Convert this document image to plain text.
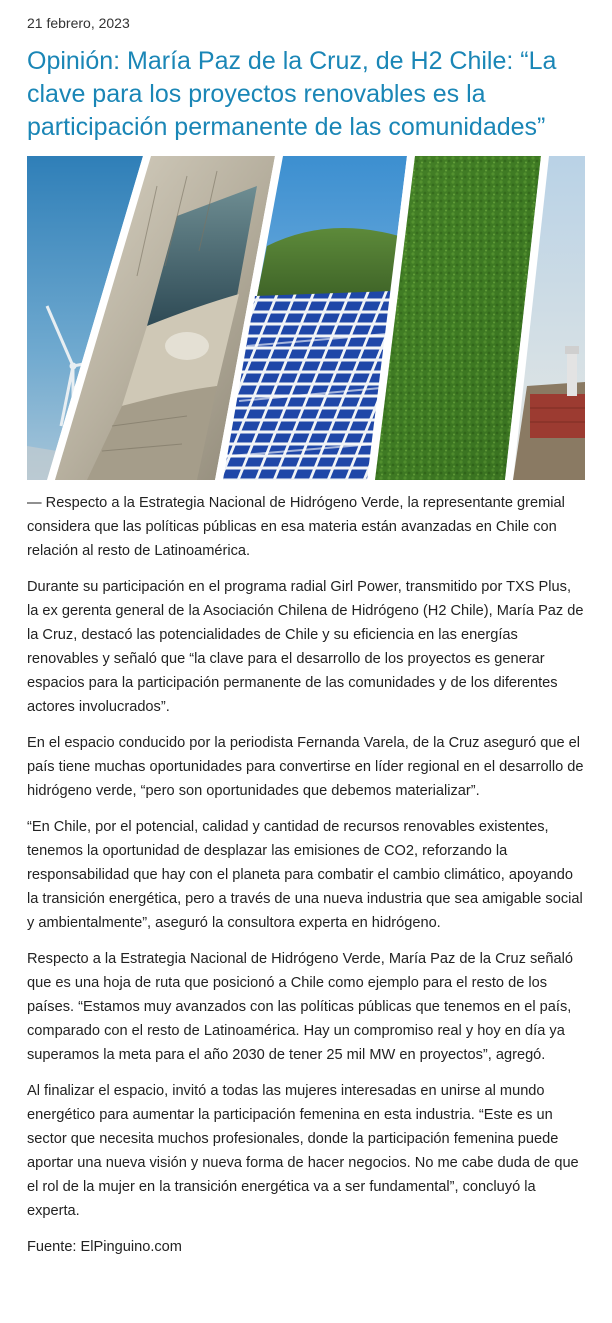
21 febrero, 2023
Opinión: María Paz de la Cruz, de H2 Chile: “La clave para los proyectos renovables es la participación permanente de las comunidades”

— Respecto a la Estrategia Nacional de Hidrógeno Verde, la representante gremial considera que las políticas públicas en esa materia están avanzadas en Chile con relación al resto de Latinoamérica.

Durante su participación en el programa radial Girl Power, transmitido por TXS Plus, la ex gerenta general de la Asociación Chilena de Hidrógeno (H2 Chile), María Paz de la Cruz, destacó las potencialidades de Chile y su eficiencia en las energías renovables y señaló que “la clave para el desarrollo de los proyectos es generar espacios para la participación permanente de las comunidades y de los diferentes actores involucrados”.

En el espacio conducido por la periodista Fernanda Varela, de la Cruz aseguró que el país tiene muchas oportunidades para convertirse en líder regional en el desarrollo de hidrógeno verde, “pero son oportunidades que debemos materializar”.

“En Chile, por el potencial, calidad y cantidad de recursos renovables existentes, tenemos la oportunidad de desplazar las emisiones de CO2, reforzando la responsabilidad que hay con el planeta para combatir el cambio climático, apoyando la transición energética, pero a través de una nueva industria que sea amigable social y ambientalmente”, aseguró la consultora experta en hidrógeno.

Respecto a la Estrategia Nacional de Hidrógeno Verde, María Paz de la Cruz señaló que es una hoja de ruta que posicionó a Chile como ejemplo para el resto de los países. “Estamos muy avanzados con las políticas públicas que tenemos en el país, comparado con el resto de Latinoamérica. Hay un compromiso real y hoy en día ya superamos la meta para el año 2030 de tener 25 mil MW en proyectos”, agregó.

Al finalizar el espacio, invitó a todas las mujeres interesadas en unirse al mundo energético para aumentar la participación femenina en esta industria. “Este es un sector que necesita muchos profesionales, donde la participación femenina puede aportar una nueva visión y nueva forma de hacer negocios. No me cabe duda de que el rol de la mujer en la transición energética va a ser fundamental”, concluyó la experta.

Fuente: ElPinguino.com
